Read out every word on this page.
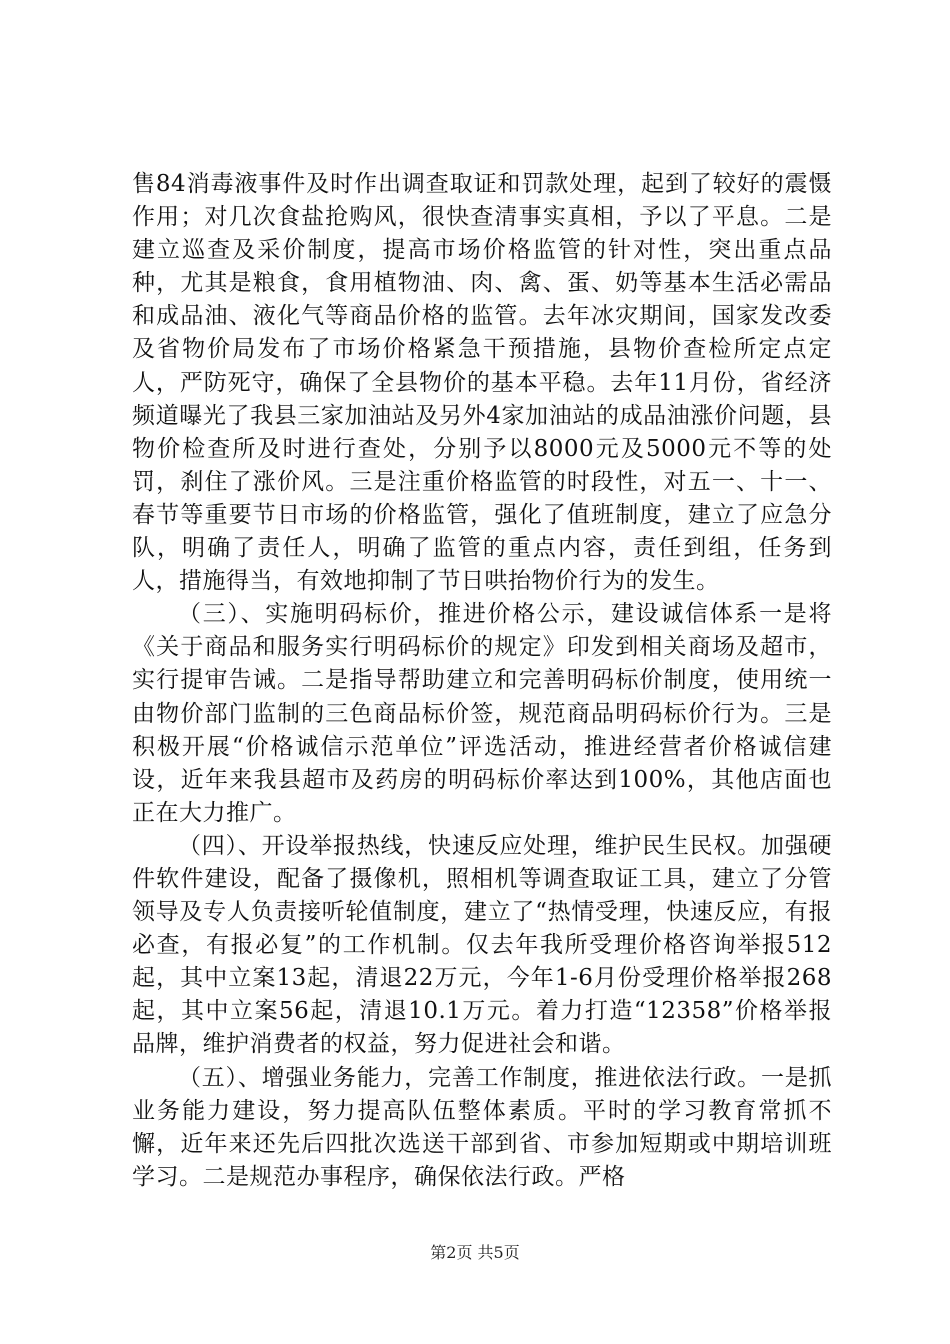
售84消毒液事件及时作出调查取证和罚款处理，起到了较好的震慑作用；对几次食盐抢购风，很快查清事实真相，予以了平息。二是建立巡查及采价制度，提高市场价格监管的针对性，突出重点品种，尤其是粮食，食用植物油、肉、禽、蛋、奶等基本生活必需品和成品油、液化气等商品价格的监管。去年冰灾期间，国家发改委及省物价局发布了市场价格紧急干预措施，县物价查检所定点定人，严防死守，确保了全县物价的基本平稳。去年11月份，省经济频道曝光了我县三家加油站及另外4家加油站的成品油涨价问题，县物价检查所及时进行查处，分别予以8000元及5000元不等的处罚，刹住了涨价风。三是注重价格监管的时段性，对五一、十一、春节等重要节日市场的价格监管，强化了值班制度，建立了应急分队，明确了责任人，明确了监管的重点内容，责任到组，任务到人，措施得当，有效地抑制了节日哄抬物价行为的发生。

（三）、实施明码标价，推进价格公示，建设诚信体系一是将《关于商品和服务实行明码标价的规定》印发到相关商场及超市，实行提审告诫。二是指导帮助建立和完善明码标价制度，使用统一由物价部门监制的三色商品标价签，规范商品明码标价行为。三是积极开展“价格诚信示范单位”评选活动，推进经营者价格诚信建设，近年来我县超市及药房的明码标价率达到100%，其他店面也正在大力推广。

（四）、开设举报热线，快速反应处理，维护民生民权。加强硬件软件建设，配备了摄像机，照相机等调查取证工具，建立了分管领导及专人负责接听轮值制度，建立了“热情受理，快速反应，有报必查，有报必复”的工作机制。仅去年我所受理价格咨询举报512起，其中立案13起，清退22万元，今年1-6月份受理价格举报268起，其中立案56起，清退10.1万元。着力打造“12358”价格举报品牌，维护消费者的权益，努力促进社会和谐。

（五）、增强业务能力，完善工作制度，推进依法行政。一是抓业务能力建设，努力提高队伍整体素质。平时的学习教育常抓不懈，近年来还先后四批次选送干部到省、市参加短期或中期培训班学习。二是规范办事程序，确保依法行政。严格

第2页 共5页
